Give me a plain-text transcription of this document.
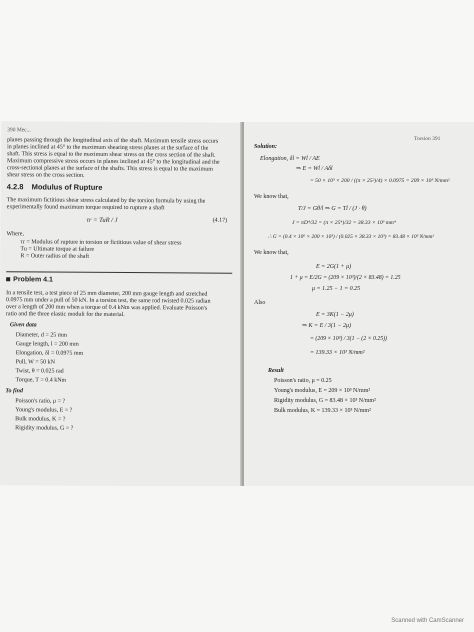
390 Mec...
planes passing through the longitudinal axis of the shaft. Maximum tensile stress occurs
in planes inclined at 45° to the maximum shearing stress planes at the surface of the
shaft. This stress is equal to the maximum shear stress on the cross section of the shaft.
Maximum compressive stress occurs in planes inclined at 45° to the longitudinal and the
cross-sectional planes at the surface of the shafts. This stress is equal to the maximum
shear stress on the cross section.
4.2.8 Modulus of Rupture
The maximum fictitious shear stress calculated by the torsion formula by using the
experimentally found maximum torque required to rupture a shaft
τr = TuR / J	(4.17)
Where,
τr = Modulus of rupture in torsion or fictitious value of shear stress
Tu = Ultimate torque at failure
R = Outer radius of the shaft
Problem 4.1
In a tensile test, a test piece of 25 mm diameter, 200 mm gauge length and stretched
0.0975 mm under a pull of 50 kN. In a torsion test, the same rod twisted 0.025 radian
over a length of 200 mm when a torque of 0.4 kNm was applied. Evaluate Poisson's
ratio and the three elastic moduli for the material.
Given data
Diameter, d = 25 mm
Gauge length, l = 200 mm
Elongation, δl = 0.0975 mm
Pull, W = 50 kN
Twist, θ = 0.025 rad
Torque, T = 0.4 kNm
To find
Poisson's ratio, μ = ?
Young's modulus, E = ?
Bulk modulus, K = ?
Rigidity modulus, G = ?
Torsion 391
Solution:
Elongation, δl = Wl / AE
⇒ E = Wl / Aδl
= 50 × 10³ × 200 / ((π × 25²)/4) × 0.0975 = 209 × 10³ N/mm²
We know that,
T/J = Gθ/l ⇒ G = Tl / (J · θ)
J = πD⁴/32 = (π × 25⁴)/32 = 38.33 × 10³ mm⁴
∴ G = (0.4 × 10⁶ × 200 × 10³) / (0.025 × 38.33 × 10³) = 83.48 × 10³ N/mm²
We know that,
E = 2G(1 + μ)
1 + μ = E/2G = (209 × 10³)/(2 × 83.48) = 1.25
μ = 1.25 − 1 = 0.25
Also
E = 3K(1 − 2μ)
⇒ K = E / 3(1 − 2μ)
= (209 × 10³) / 3(1 − (2 × 0.25))
= 139.33 × 10³ N/mm²
Result
Poisson's ratio, μ = 0.25
Young's modulus, E = 209 × 10³ N/mm²
Rigidity modulus, G = 83.48 × 10³ N/mm²
Bulk modulus, K = 139.33 × 10³ N/mm²
Scanned with CamScanner
